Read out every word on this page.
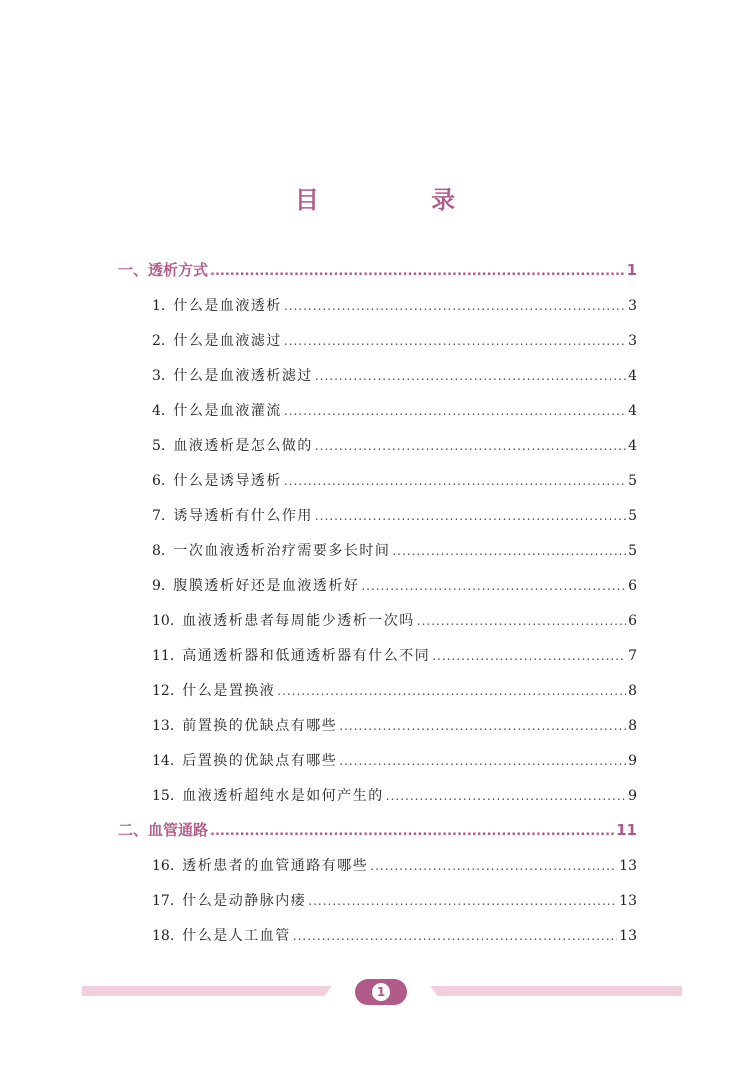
目 录
一、透析方式 .....	1
1. 什么是血液透析 .....	3
2. 什么是血液滤过 .....	3
3. 什么是血液透析滤过 .....	4
4. 什么是血液灌流 .....	4
5. 血液透析是怎么做的 .....	4
6. 什么是诱导透析 .....	5
7. 诱导透析有什么作用 .....	5
8. 一次血液透析治疗需要多长时间 .....	5
9. 腹膜透析好还是血液透析好 .....	6
10. 血液透析患者每周能少透析一次吗 .....	6
11. 高通透析器和低通透析器有什么不同 .....	7
12. 什么是置换液 .....	8
13. 前置换的优缺点有哪些 .....	8
14. 后置换的优缺点有哪些 .....	9
15. 血液透析超纯水是如何产生的 .....	9
二、血管通路 .....	11
16. 透析患者的血管通路有哪些 .....	13
17. 什么是动静脉内瘘 .....	13
18. 什么是人工血管 .....	13
1
